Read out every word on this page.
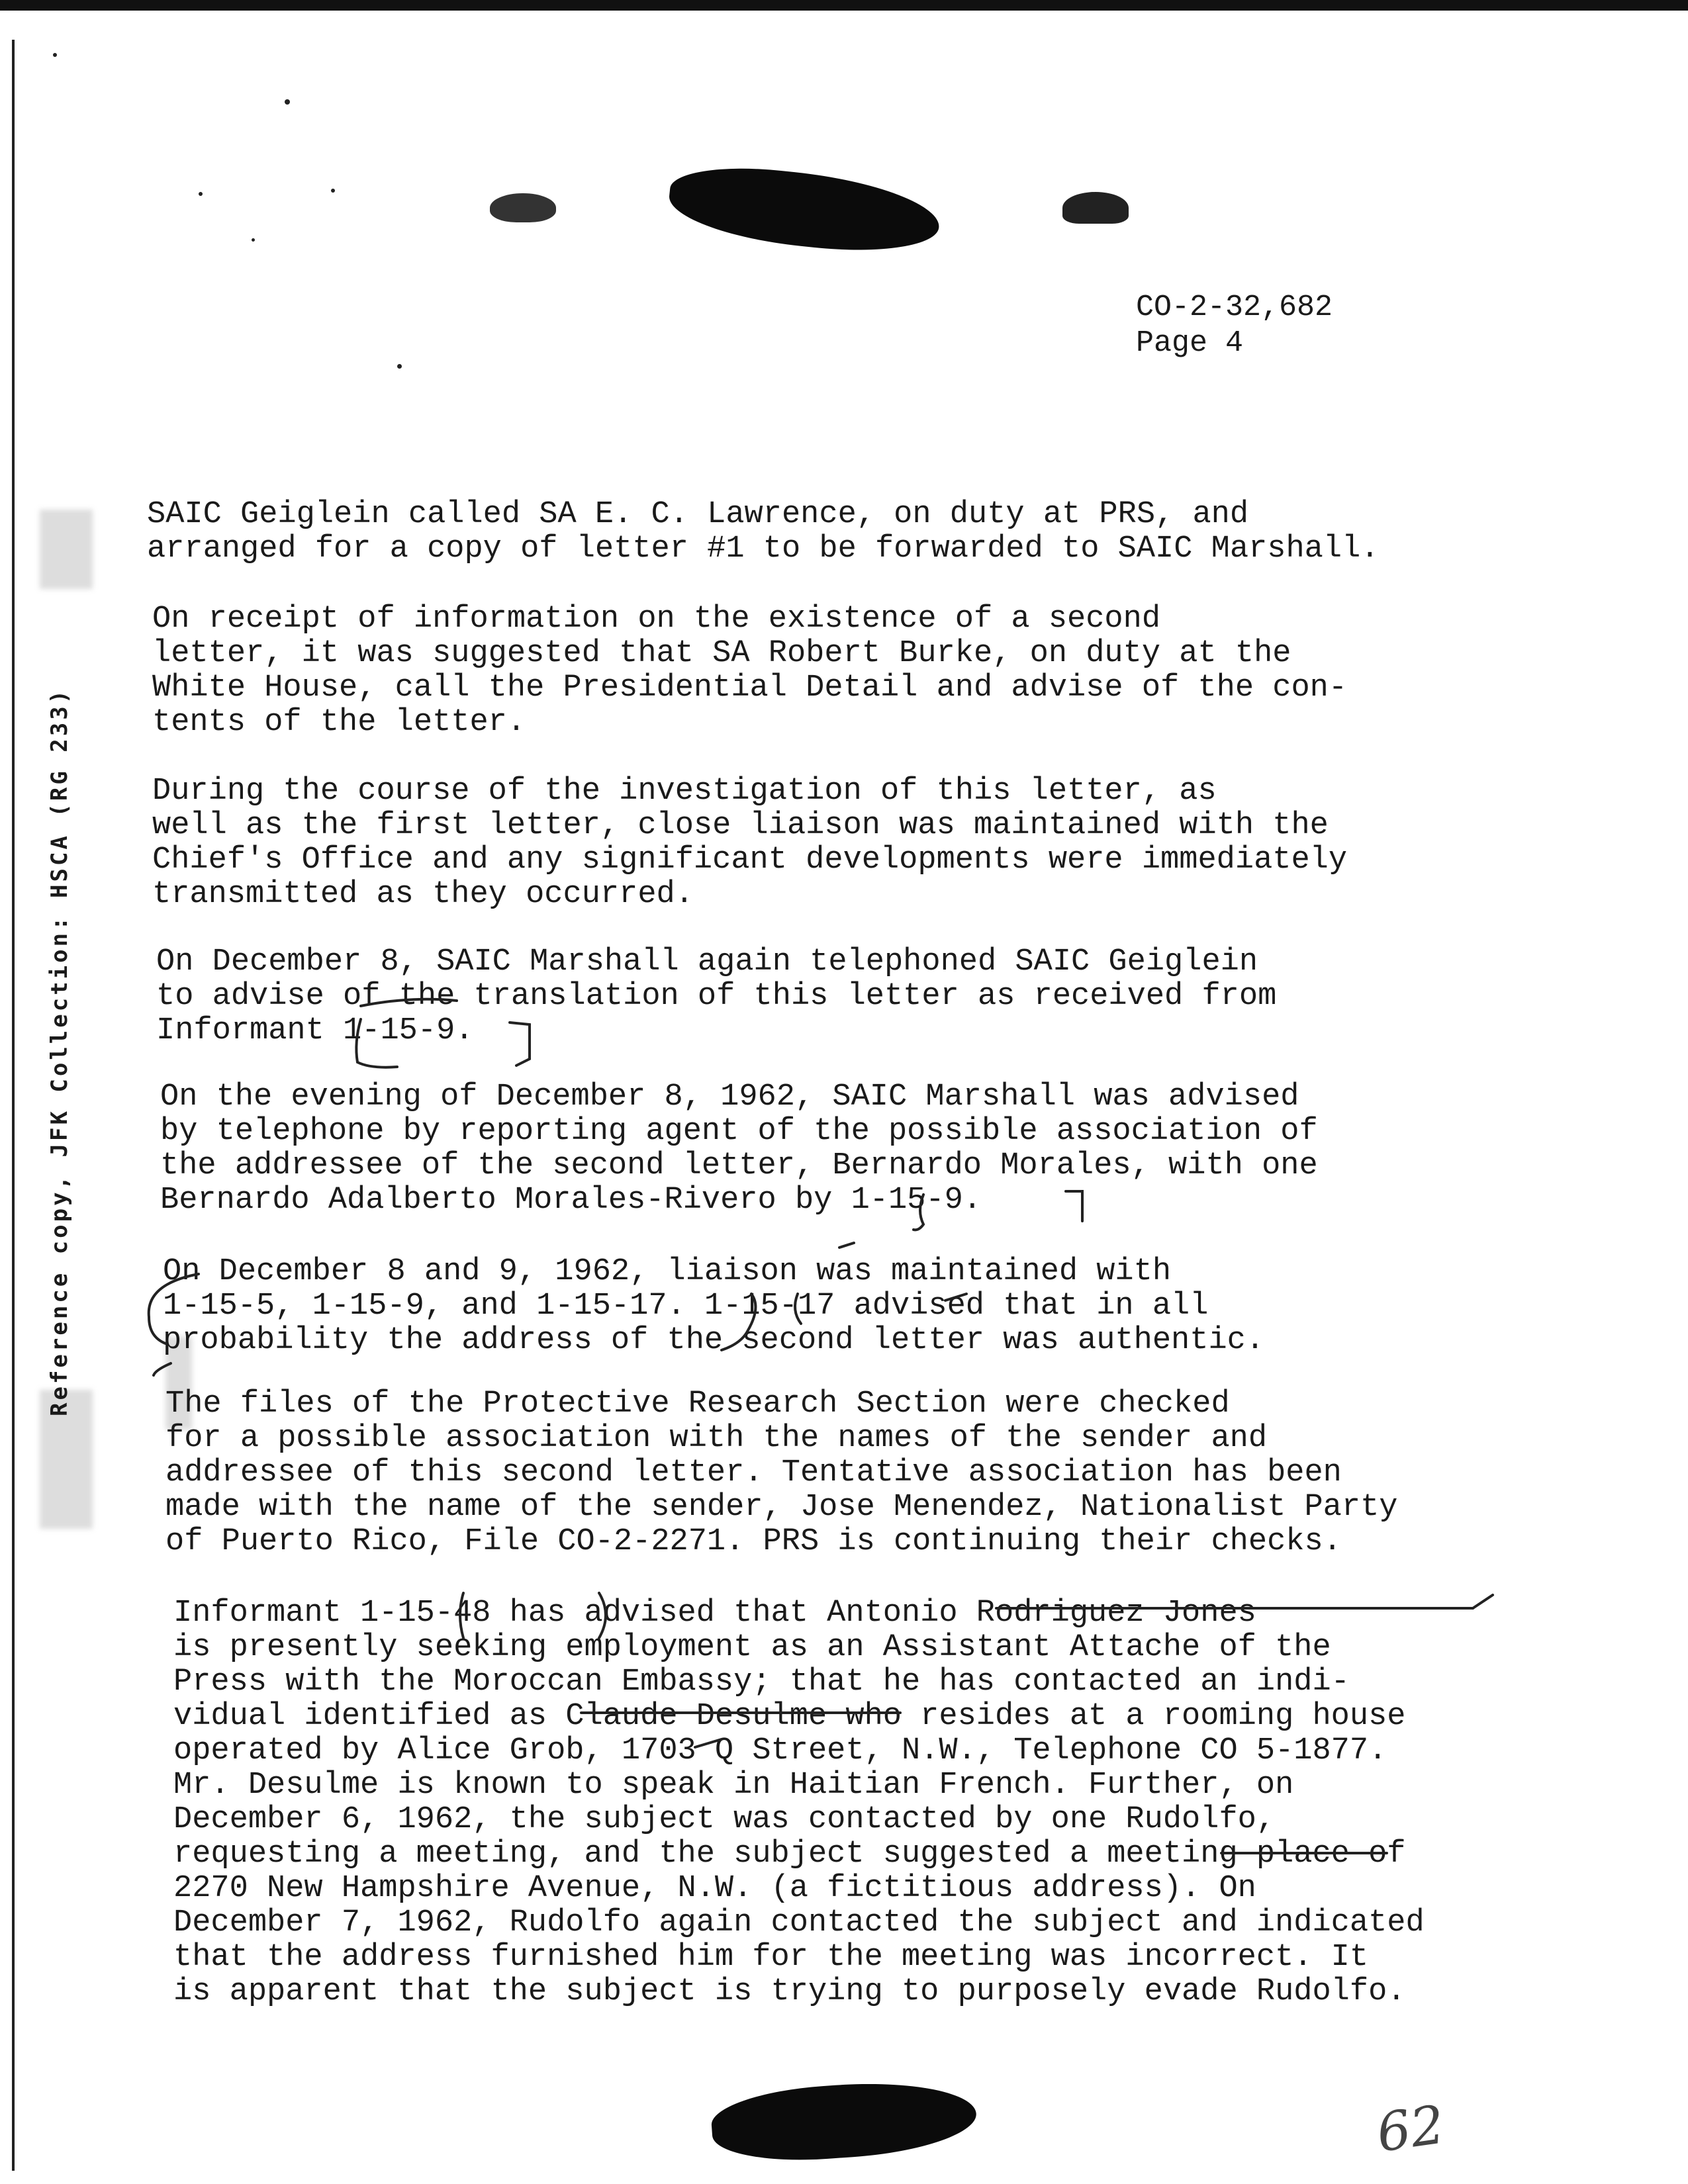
CO-2-32,682
Page 4
Reference copy, JFK Collection: HSCA (RG 233)
SAIC Geiglein called SA E. C. Lawrence, on duty at PRS, and
arranged for a copy of letter #1 to be forwarded to SAIC Marshall.
On receipt of information on the existence of a second
letter, it was suggested that SA Robert Burke, on duty at the
White House, call the Presidential Detail and advise of the con-
tents of the letter.
During the course of the investigation of this letter, as
well as the first letter, close liaison was maintained with the
Chief's Office and any significant developments were immediately
transmitted as they occurred.
On December 8, SAIC Marshall again telephoned SAIC Geiglein
to advise of the translation of this letter as received from
Informant 1-15-9.
On the evening of December 8, 1962, SAIC Marshall was advised
by telephone by reporting agent of the possible association of
the addressee of the second letter, Bernardo Morales, with one
Bernardo Adalberto Morales-Rivero by 1-15-9.
On December 8 and 9, 1962, liaison was maintained with
1-15-5, 1-15-9, and 1-15-17. 1-15-17 advised that in all
probability the address of the second letter was authentic.
The files of the Protective Research Section were checked
for a possible association with the names of the sender and
addressee of this second letter. Tentative association has been
made with the name of the sender, Jose Menendez, Nationalist Party
of Puerto Rico, File CO-2-2271. PRS is continuing their checks.
Informant 1-15-48 has advised that Antonio Rodriguez Jones
is presently seeking employment as an Assistant Attache of the
Press with the Moroccan Embassy; that he has contacted an indi-
vidual identified as Claude Desulme who resides at a rooming house
operated by Alice Grob, 1703 Q Street, N.W., Telephone CO 5-1877.
Mr. Desulme is known to speak in Haitian French. Further, on
December 6, 1962, the subject was contacted by one Rudolfo,
requesting a meeting, and the subject suggested a meeting place of
2270 New Hampshire Avenue, N.W. (a fictitious address). On
December 7, 1962, Rudolfo again contacted the subject and indicated
that the address furnished him for the meeting was incorrect. It
is apparent that the subject is trying to purposely evade Rudolfo.
62
